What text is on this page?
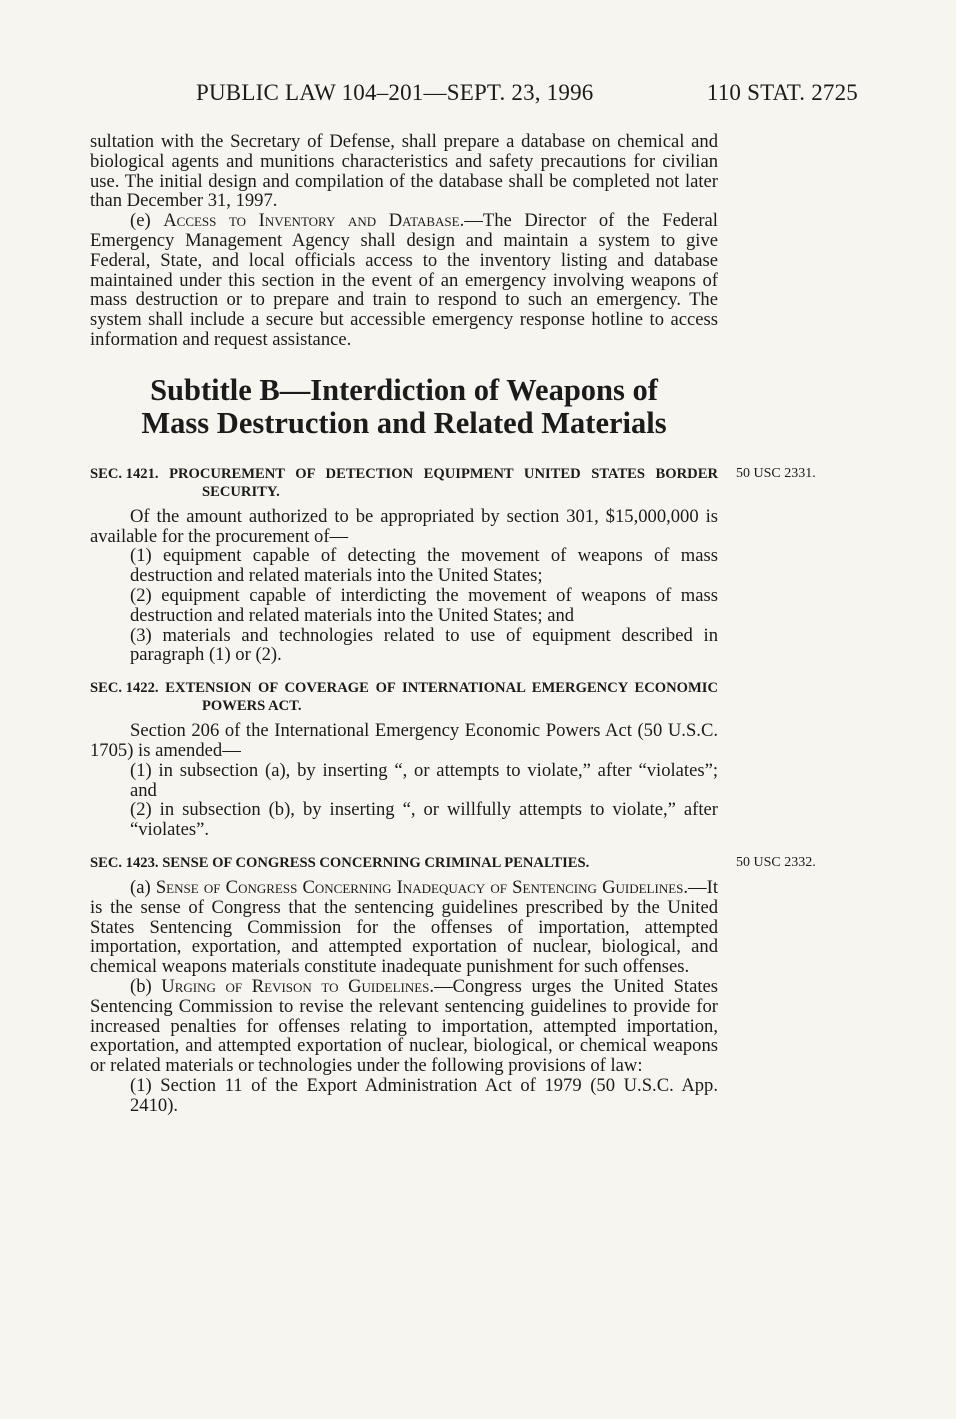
PUBLIC LAW 104–201—SEPT. 23, 1996	110 STAT. 2725

sultation with the Secretary of Defense, shall prepare a database on chemical and biological agents and munitions characteristics and safety precautions for civilian use. The initial design and compilation of the database shall be completed not later than December 31, 1997.

(e) Access to Inventory and Database.—The Director of the Federal Emergency Management Agency shall design and maintain a system to give Federal, State, and local officials access to the inventory listing and database maintained under this section in the event of an emergency involving weapons of mass destruction or to prepare and train to respond to such an emergency. The system shall include a secure but accessible emergency response hotline to access information and request assistance.

Subtitle B—Interdiction of Weapons of
Mass Destruction and Related Materials
SEC. 1421. PROCUREMENT OF DETECTION EQUIPMENT UNITED STATES BORDER SECURITY.
50 USC 2331.

Of the amount authorized to be appropriated by section 301, $15,000,000 is available for the procurement of—

(1) equipment capable of detecting the movement of weapons of mass destruction and related materials into the United States;

(2) equipment capable of interdicting the movement of weapons of mass destruction and related materials into the United States; and

(3) materials and technologies related to use of equipment described in paragraph (1) or (2).

SEC. 1422. EXTENSION OF COVERAGE OF INTERNATIONAL EMERGENCY ECONOMIC POWERS ACT.

Section 206 of the International Emergency Economic Powers Act (50 U.S.C. 1705) is amended—

(1) in subsection (a), by inserting “, or attempts to violate,” after “violates”; and

(2) in subsection (b), by inserting “, or willfully attempts to violate,” after “violates”.

SEC. 1423. SENSE OF CONGRESS CONCERNING CRIMINAL PENALTIES.	50 USC 2332.

(a) Sense of Congress Concerning Inadequacy of Sentencing Guidelines.—It is the sense of Congress that the sentencing guidelines prescribed by the United States Sentencing Commission for the offenses of importation, attempted importation, exportation, and attempted exportation of nuclear, biological, and chemical weapons materials constitute inadequate punishment for such offenses.

(b) Urging of Revison to Guidelines.—Congress urges the United States Sentencing Commission to revise the relevant sentencing guidelines to provide for increased penalties for offenses relating to importation, attempted importation, exportation, and attempted exportation of nuclear, biological, or chemical weapons or related materials or technologies under the following provisions of law:

(1) Section 11 of the Export Administration Act of 1979 (50 U.S.C. App. 2410).
